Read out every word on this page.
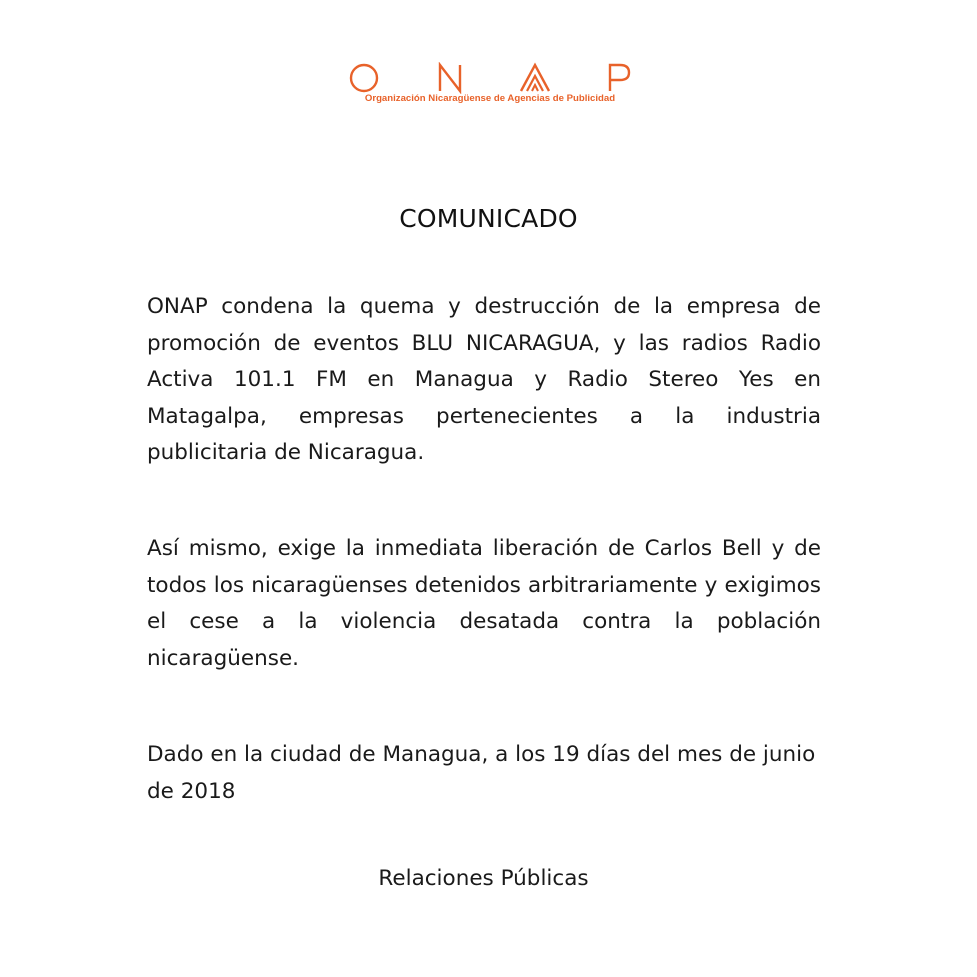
Organización Nicaragüense de Agencias de Publicidad
COMUNICADO
ONAP condena la quema y destrucción de la empresa de promoción de eventos BLU NICARAGUA, y las radios Radio Activa 101.1 FM en Managua y Radio Stereo Yes en Matagalpa, empresas pertenecientes a la industria publicitaria de Nicaragua.
Así mismo, exige la inmediata liberación de Carlos Bell y de todos los nicaragüenses detenidos arbitrariamente y exigimos el cese a la violencia desatada contra la población nicaragüense.
Dado en la ciudad de Managua, a los 19 días del mes de junio de 2018
Relaciones Públicas
